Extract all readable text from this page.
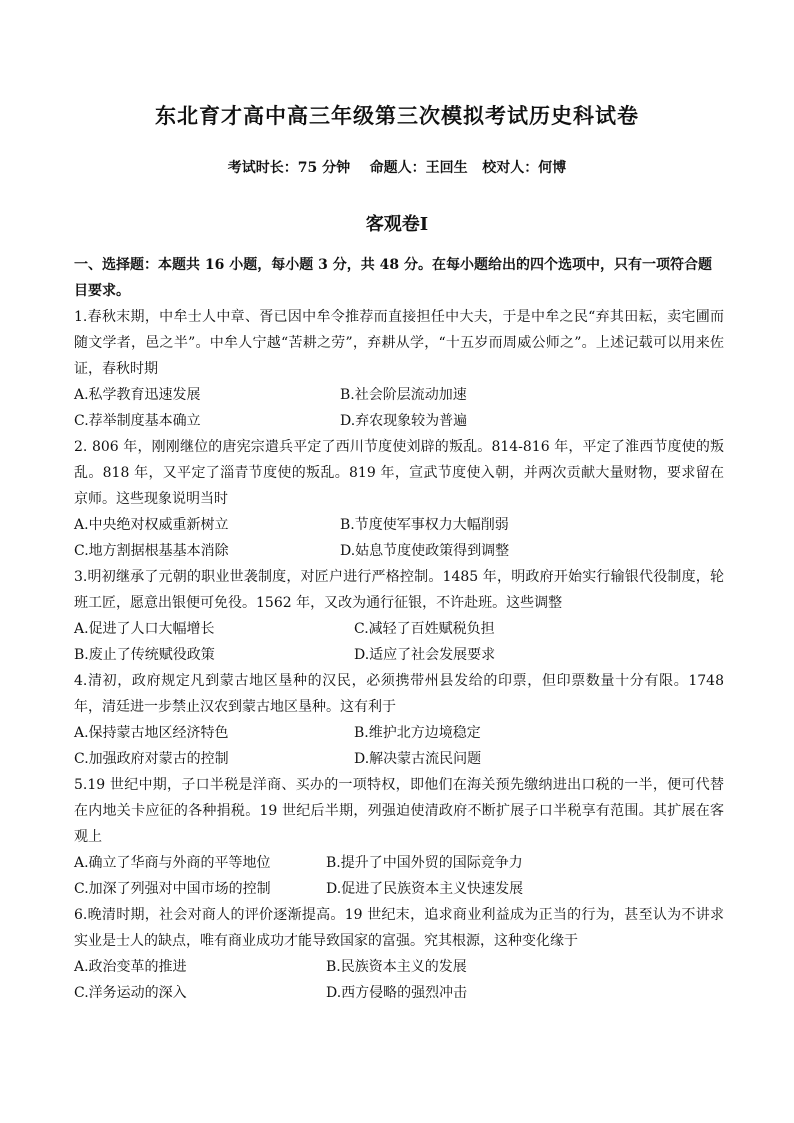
东北育才高中高三年级第三次模拟考试历史科试卷
考试时长：75 分钟    命题人：王回生   校对人：何博
客观卷Ⅰ
一、选择题：本题共 16 小题，每小题 3 分，共 48 分。在每小题给出的四个选项中，只有一项符合题目要求。
1.春秋末期，中牟士人中章、胥已因中牟令推荐而直接担任中大夫，于是中牟之民“弃其田耘，卖宅圃而随文学者，邑之半”。中牟人宁越“苦耕之劳”，弃耕从学，“十五岁而周威公师之”。上述记载可以用来佐证，春秋时期
A.私学教育迅速发展	B.社会阶层流动加速
C.荐举制度基本确立	D.弃农现象较为普遍
2. 806 年，刚刚继位的唐宪宗遣兵平定了西川节度使刘辟的叛乱。814-816 年，平定了淮西节度使的叛乱。818 年，又平定了淄青节度使的叛乱。819 年，宣武节度使入朝，并两次贡献大量财物，要求留在京师。这些现象说明当时
A.中央绝对权威重新树立	B.节度使军事权力大幅削弱
C.地方割据根基基本消除	D.姑息节度使政策得到调整
3.明初继承了元朝的职业世袭制度，对匠户进行严格控制。1485 年，明政府开始实行输银代役制度，轮班工匠，愿意出银便可免役。1562 年，又改为通行征银，不许赴班。这些调整
A.促进了人口大幅增长	C.减轻了百姓赋税负担
B.废止了传统赋役政策	D.适应了社会发展要求
4.清初，政府规定凡到蒙古地区垦种的汉民，必须携带州县发给的印票，但印票数量十分有限。1748 年，清廷进一步禁止汉农到蒙古地区垦种。这有利于
A.保持蒙古地区经济特色	B.维护北方边境稳定
C.加强政府对蒙古的控制	D.解决蒙古流民问题
5.19 世纪中期，子口半税是洋商、买办的一项特权，即他们在海关预先缴纳进出口税的一半，便可代替在内地关卡应征的各种捐税。19 世纪后半期，列强迫使清政府不断扩展子口半税享有范围。其扩展在客观上
A.确立了华商与外商的平等地位	B.提升了中国外贸的国际竞争力
C.加深了列强对中国市场的控制	D.促进了民族资本主义快速发展
6.晚清时期，社会对商人的评价逐渐提高。19 世纪末，追求商业利益成为正当的行为，甚至认为不讲求实业是士人的缺点，唯有商业成功才能导致国家的富强。究其根源，这种变化缘于
A.政治变革的推进	B.民族资本主义的发展
C.洋务运动的深入	D.西方侵略的强烈冲击
